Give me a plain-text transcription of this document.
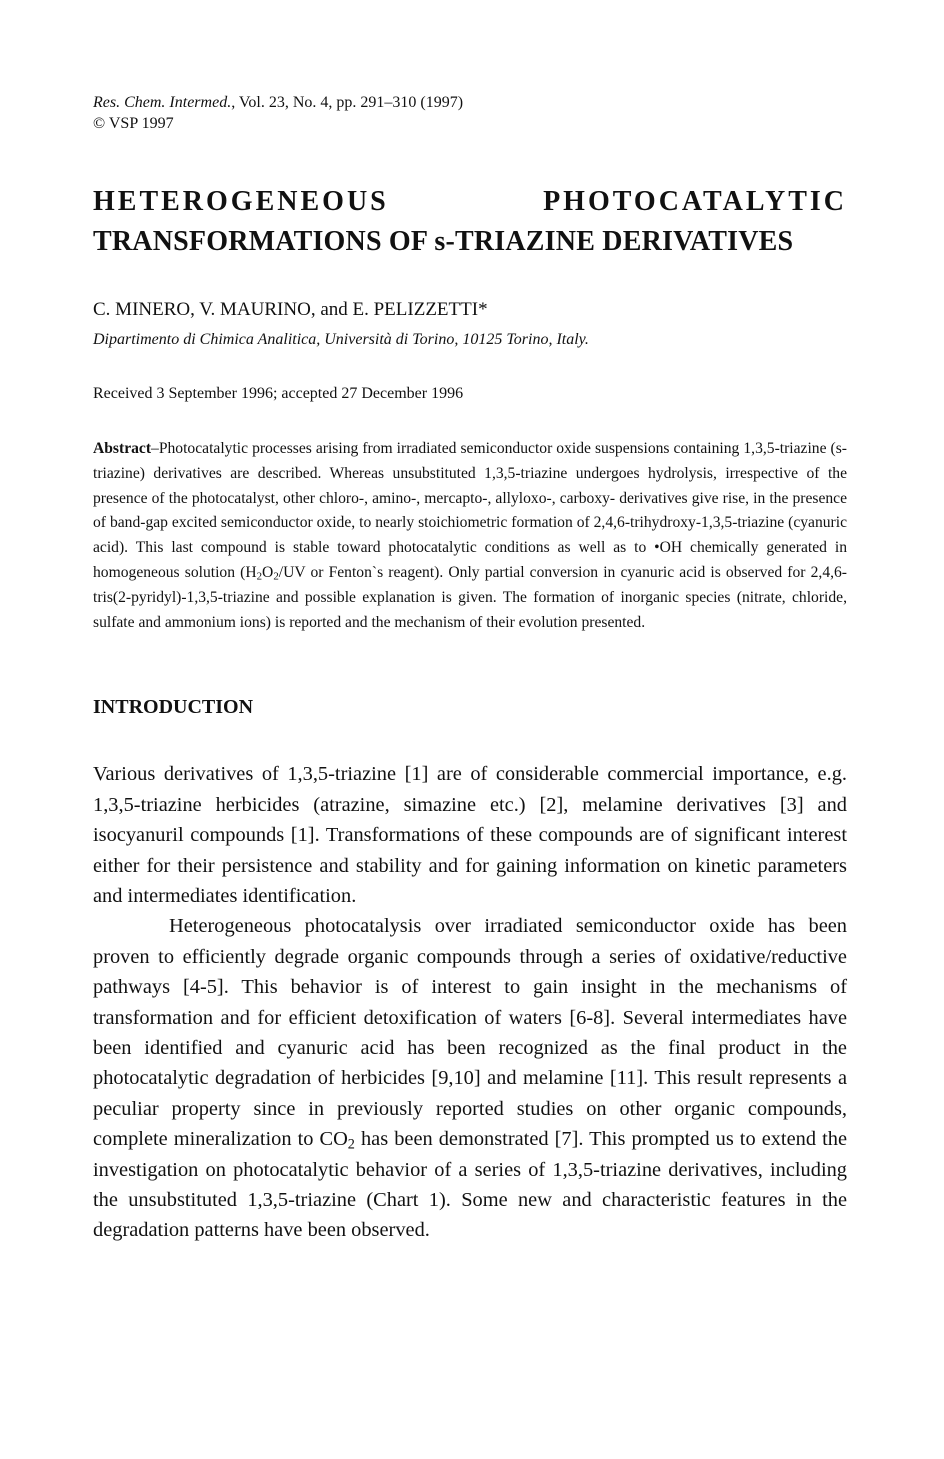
Res. Chem. Intermed., Vol. 23, No. 4, pp. 291–310 (1997)
© VSP 1997
HETEROGENEOUS	PHOTOCATALYTIC
TRANSFORMATIONS OF s-TRIAZINE DERIVATIVES
C. MINERO, V. MAURINO, and E. PELIZZETTI*
Dipartimento di Chimica Analitica, Università di Torino, 10125 Torino, Italy.
Received 3 September 1996; accepted 27 December 1996
Abstract–Photocatalytic processes arising from irradiated semiconductor oxide suspensions containing 1,3,5-triazine (s-triazine) derivatives are described. Whereas unsubstituted 1,3,5-triazine undergoes hydrolysis, irrespective of the presence of the photocatalyst, other chloro-, amino-, mercapto-, allyloxo-, carboxy- derivatives give rise, in the presence of band-gap excited semiconductor oxide, to nearly stoichiometric formation of 2,4,6-trihydroxy-1,3,5-triazine (cyanuric acid). This last compound is stable toward photocatalytic conditions as well as to •OH chemically generated in homogeneous solution ($H_2O_2/UV$ or Fenton`s reagent). Only partial conversion in cyanuric acid is observed for 2,4,6-tris(2-pyridyl)-1,3,5-triazine and possible explanation is given. The formation of inorganic species (nitrate, chloride, sulfate and ammonium ions) is reported and the mechanism of their evolution presented.
INTRODUCTION

Various derivatives of 1,3,5-triazine [1] are of considerable commercial importance, e.g. 1,3,5-triazine herbicides (atrazine, simazine etc.) [2], melamine derivatives [3] and isocyanuril compounds [1]. Transformations of these compounds are of significant interest either for their persistence and stability and for gaining information on kinetic parameters and intermediates identification.

Heterogeneous photocatalysis over irradiated semiconductor oxide has been proven to efficiently degrade organic compounds through a series of oxidative/reductive pathways [4-5]. This behavior is of interest to gain insight in the mechanisms of transformation and for efficient detoxification of waters [6-8]. Several intermediates have been identified and cyanuric acid has been recognized as the final product in the photocatalytic degradation of herbicides [9,10] and melamine [11]. This result represents a peculiar property since in previously reported studies on other organic compounds, complete mineralization to $CO_2$ has been demonstrated [7]. This prompted us to extend the investigation on photocatalytic behavior of a series of 1,3,5-triazine derivatives, including the unsubstituted 1,3,5-triazine (Chart 1). Some new and characteristic features in the degradation patterns have been observed.
